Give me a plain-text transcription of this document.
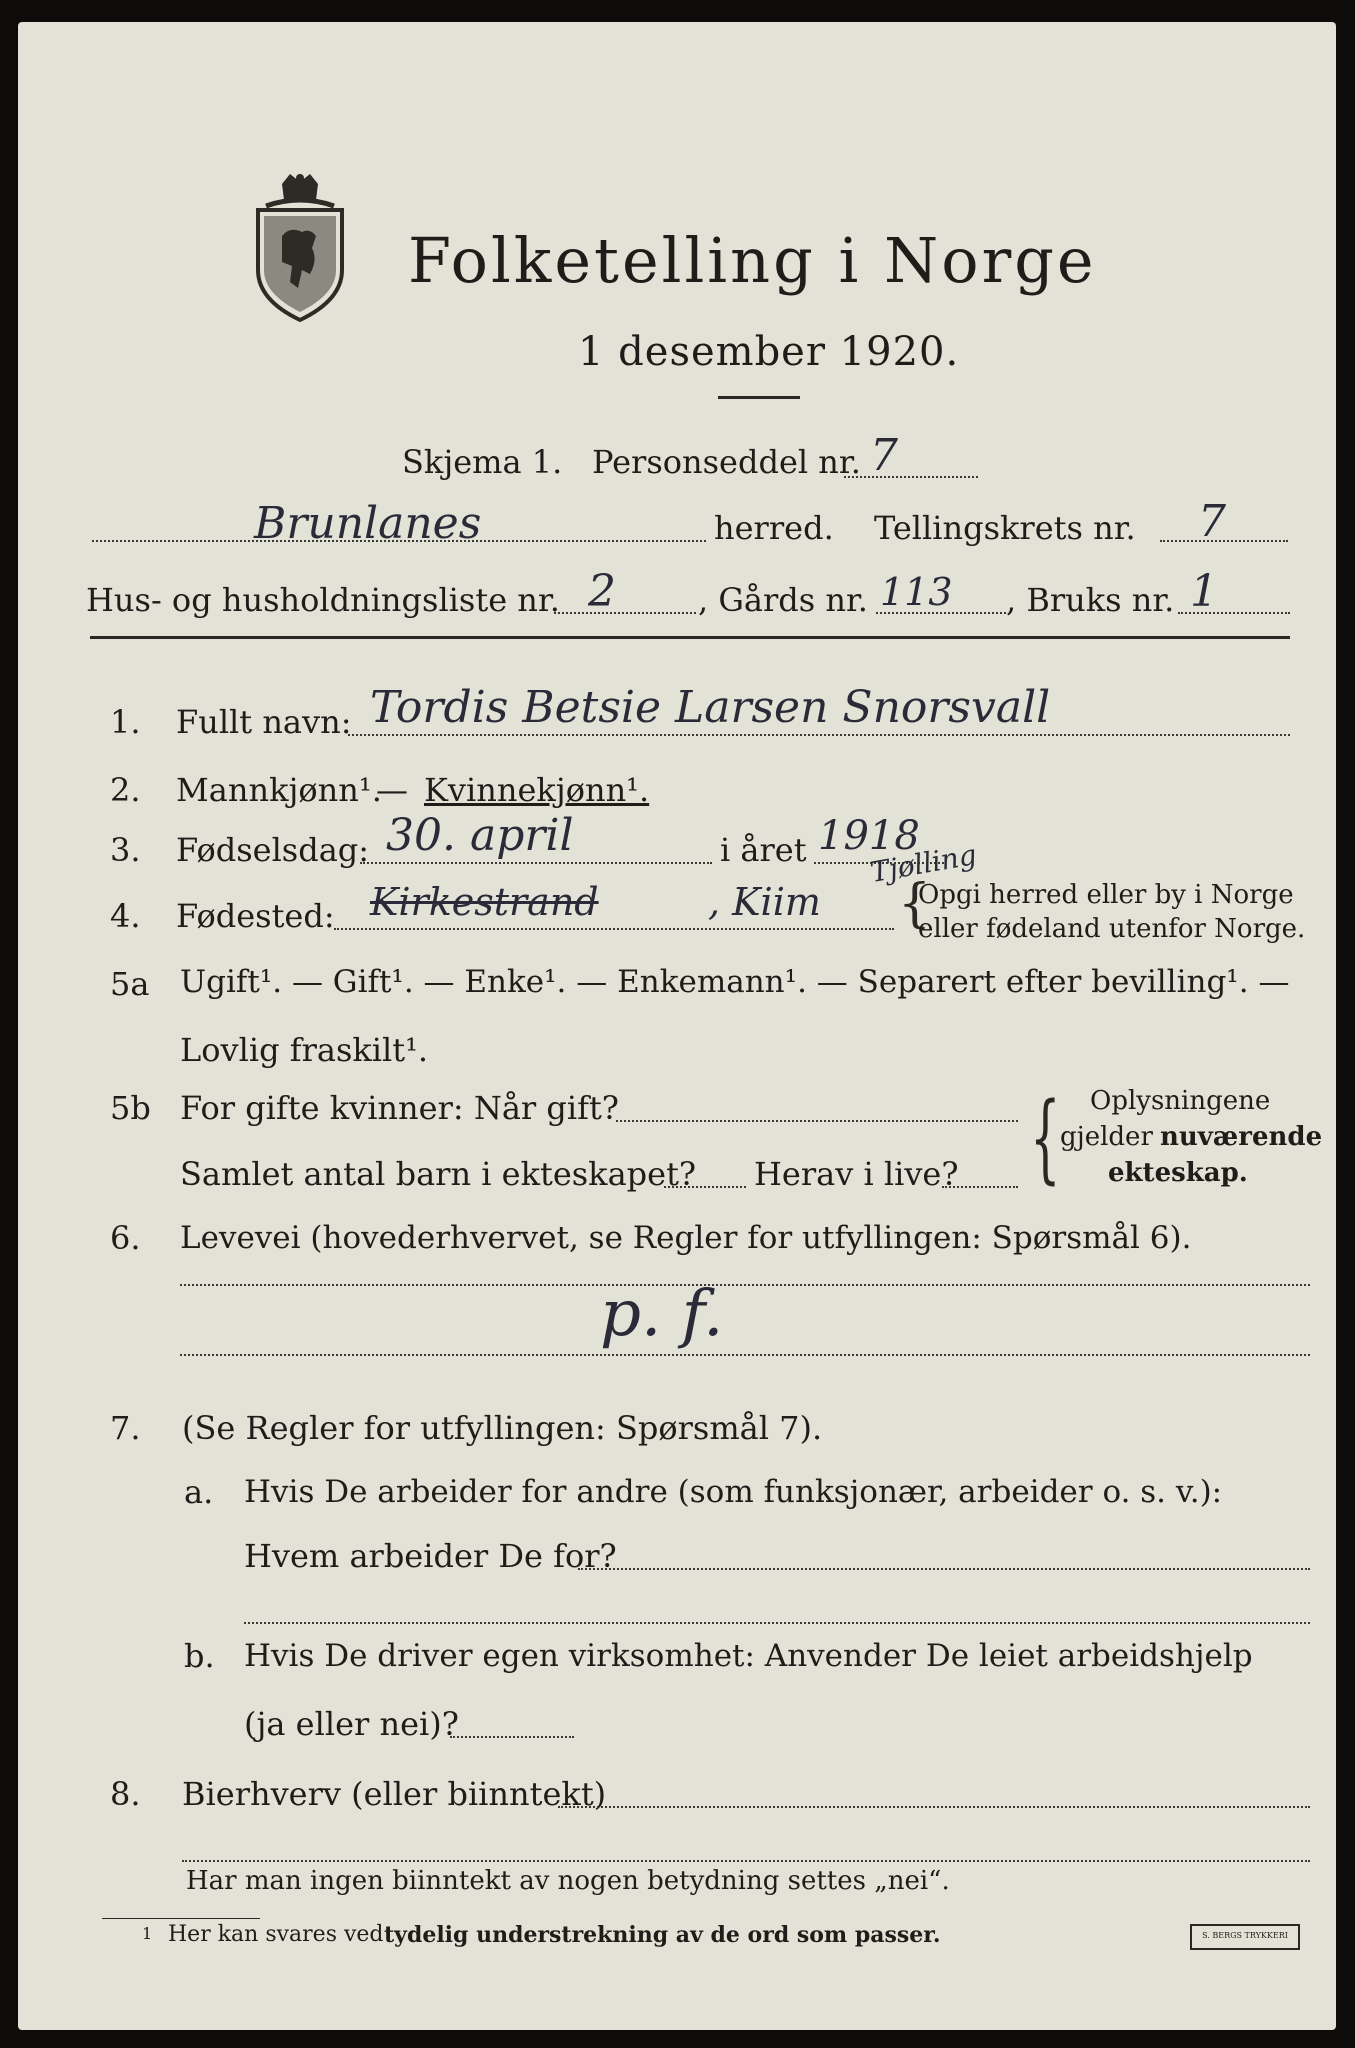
Folketelling i Norge
1 desember 1920.
Skjema 1. Personseddel nr. 7
Brunlanes	herred. Tellingskrets nr. 7
Hus- og husholdningsliste nr. 2	, Gårds nr. 113 , Bruks nr. 1
1. Fullt navn: Tordis Betsie Larsen Snorsvall
2. Mannkjønn¹.
— Kvinnekjønn¹.
3. Fødselsdag: 30. april	i året 1918
4. Fødested: Kirkestrand	, Kiim
Tjølling
{
Opgi herred eller by i Norge
eller fødeland utenfor Norge.
5a Ugift¹. — Gift¹. — Enke¹. — Enkemann¹. — Separert efter bevilling¹. —
Lovlig fraskilt¹.
5b For gifte kvinner: Når gift?
Samlet antal barn i ekteskapet? Herav i live? { Oplysningene
gjelder nuværende
ekteskap.
6. Levevei (hovederhvervet, se Regler for utfyllingen: Spørsmål 6).
p. f.
7. (Se Regler for utfyllingen: Spørsmål 7).
a. Hvis De arbeider for andre (som funksjonær, arbeider o. s. v.):
Hvem arbeider De for?
b. Hvis De driver egen virksomhet: Anvender De leiet arbeidshjelp
(ja eller nei)?
8. Bierhverv (eller biinntekt)
Har man ingen biinntekt av nogen betydning settes „nei“.
1 Her kan svares ved tydelig understrekning av de ord som passer.	S. BERGS TRYKKERI
